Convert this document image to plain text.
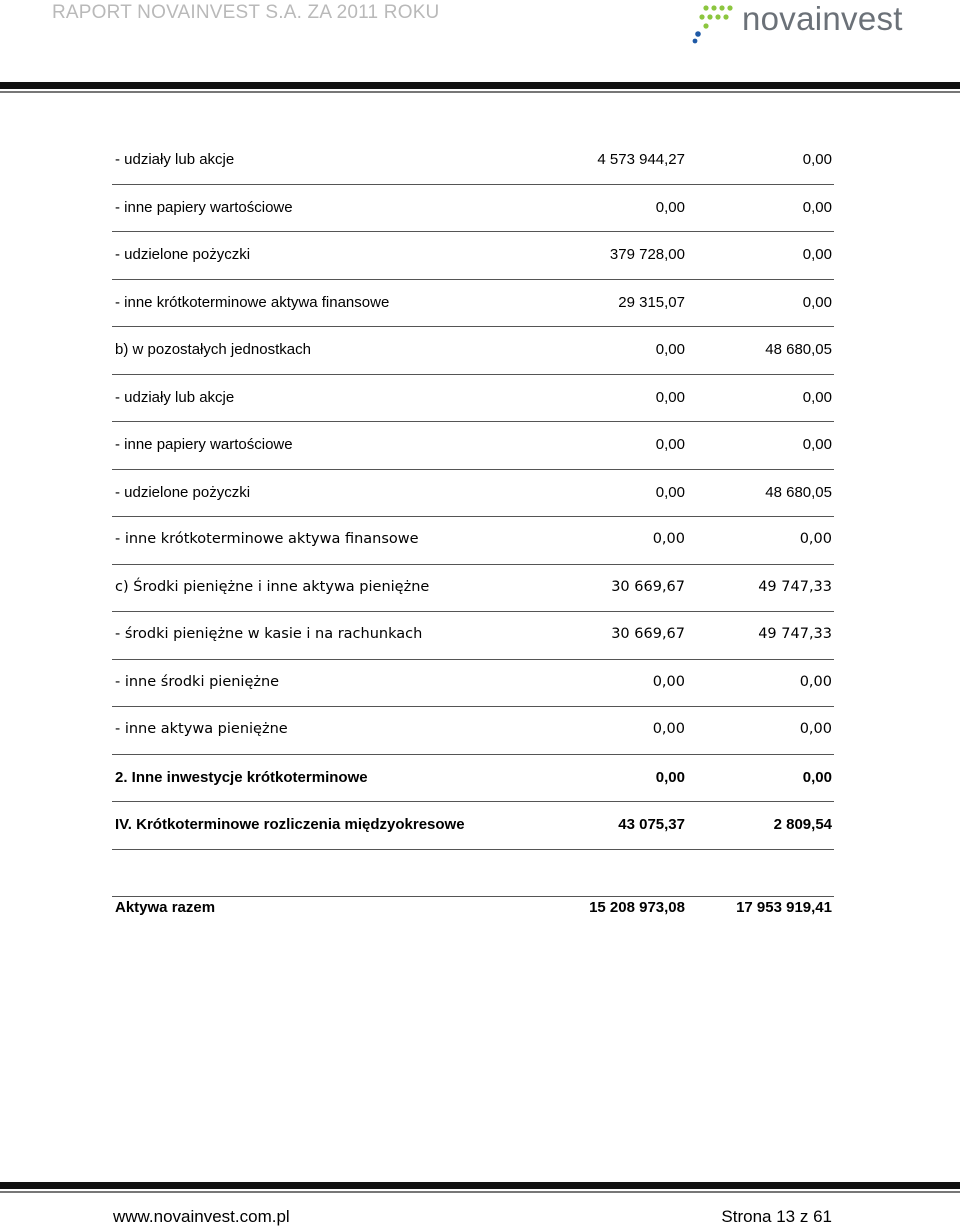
RAPORT NOVAINVEST S.A. ZA 2011 ROKU	novainvest
- udziały lub akcje	4 573 944,27	0,00
- inne papiery wartościowe	0,00	0,00
- udzielone pożyczki	379 728,00	0,00
- inne krótkoterminowe aktywa finansowe	29 315,07	0,00
b) w pozostałych jednostkach	0,00	48 680,05
- udziały lub akcje	0,00	0,00
- inne papiery wartościowe	0,00	0,00
- udzielone pożyczki	0,00	48 680,05
- inne krótkoterminowe aktywa finansowe	0,00	0,00
c) Środki pieniężne i inne aktywa pieniężne	30 669,67	49 747,33
- środki pieniężne w kasie i na rachunkach	30 669,67	49 747,33
- inne środki pieniężne	0,00	0,00
- inne aktywa pieniężne	0,00	0,00
2. Inne inwestycje krótkoterminowe	0,00	0,00
IV. Krótkoterminowe rozliczenia międzyokresowe	43 075,37	2 809,54
Aktywa razem	15 208 973,08	17 953 919,41
www.novainvest.com.pl	Strona 13 z 61
